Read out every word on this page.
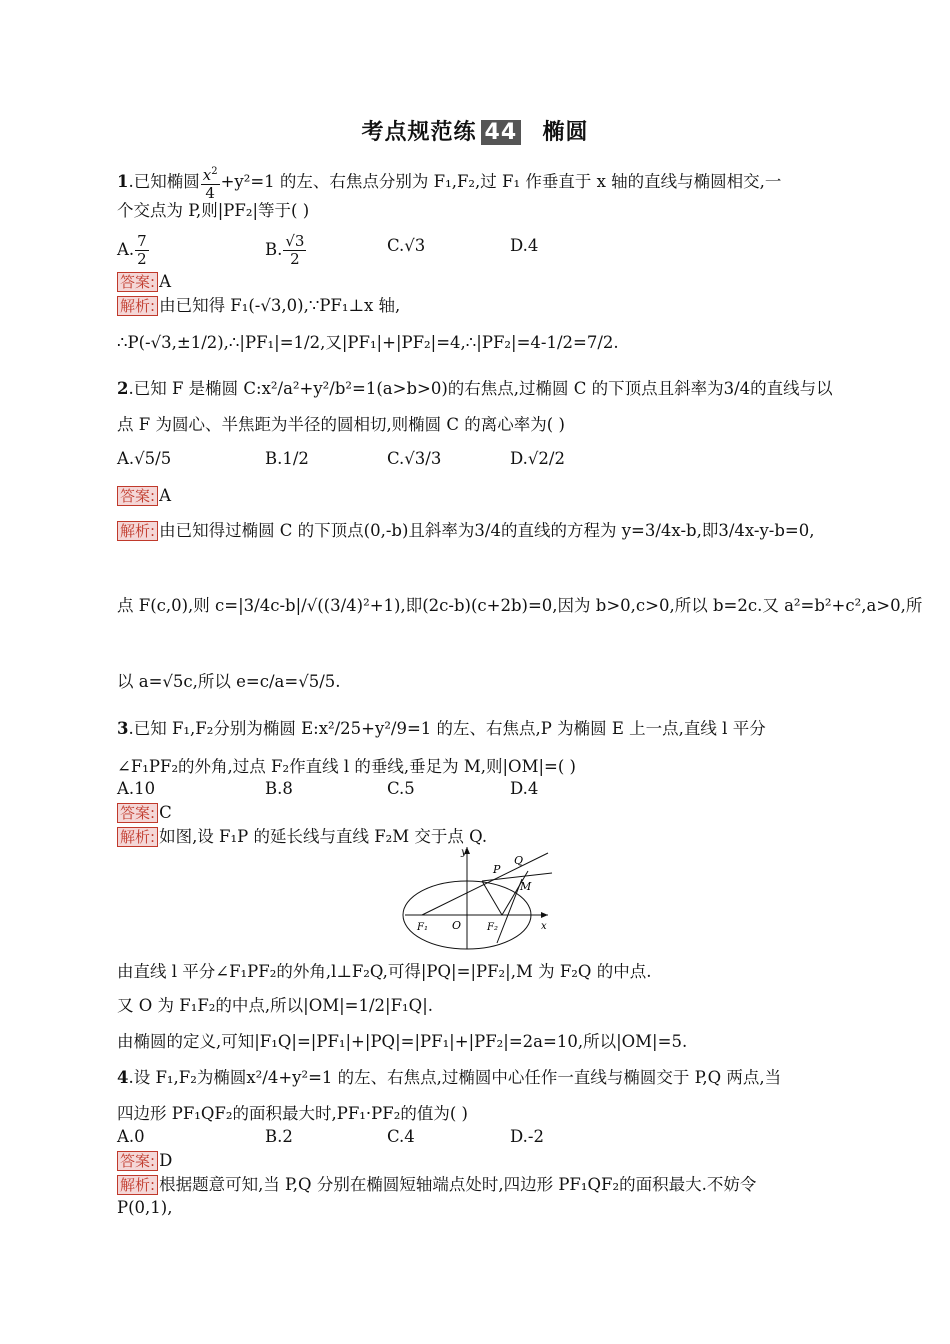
考点规范练 44 椭圆
1.已知椭圆 $\frac{x^2}{4} +y^2=1$ 的左、右焦点分别为 F₁,F₂,过 F₁ 作垂直于 x 轴的直线与椭圆相交,一
个交点为 P,则|PF₂|等于( )
A. $\frac{7}{2}$	B. $\frac{√3}{2}$	C.√3	D.4
答案: A
解析: 由已知得 F₁(-√3,0),∵PF₁⊥x 轴,
∴P(-√3,±1/2),∴|PF₁|=1/2,又|PF₁|+|PF₂|=4,∴|PF₂|=4-1/2=7/2.
2.已知 F 是椭圆 C:x²/a²+y²/b²=1(a>b>0)的右焦点,过椭圆 C 的下顶点且斜率为3/4的直线与以
点 F 为圆心、半焦距为半径的圆相切,则椭圆 C 的离心率为( )
A.√5/5	B.1/2	C.√3/3	D.√2/2
答案: A
解析: 由已知得过椭圆 C 的下顶点(0,-b)且斜率为3/4的直线的方程为 y=3/4x-b,即3/4x-y-b=0,
点 F(c,0),则 c=|3/4c-b|/√((3/4)²+1),即(2c-b)(c+2b)=0,因为 b>0,c>0,所以 b=2c.又 a²=b²+c²,a>0,所
以 a=√5c,所以 e=c/a=√5/5.
3.已知 F₁,F₂分别为椭圆 E:x²/25+y²/9=1 的左、右焦点,P 为椭圆 E 上一点,直线 l 平分
∠F₁PF₂的外角,过点 F₂作直线 l 的垂线,垂足为 M,则|OM|=( )
A.10	B.8	C.5	D.4
答案: C
解析: 如图,设 F₁P 的延长线与直线 F₂M 交于点 Q.
y
Q
P
M
F₁ O	F₂	x
由直线 l 平分∠F₁PF₂的外角,l⊥F₂Q,可得|PQ|=|PF₂|,M 为 F₂Q 的中点.
又 O 为 F₁F₂的中点,所以|OM|=1/2|F₁Q|.
由椭圆的定义,可知|F₁Q|=|PF₁|+|PQ|=|PF₁|+|PF₂|=2a=10,所以|OM|=5.
4.设 F₁,F₂为椭圆x²/4+y²=1 的左、右焦点,过椭圆中心任作一直线与椭圆交于 P,Q 两点,当
四边形 PF₁QF₂的面积最大时,PF₁·PF₂的值为( )
A.0	B.2	C.4	D.-2
答案: D
解析: 根据题意可知,当 P,Q 分别在椭圆短轴端点处时,四边形 PF₁QF₂的面积最大.不妨令
P(0,1),
